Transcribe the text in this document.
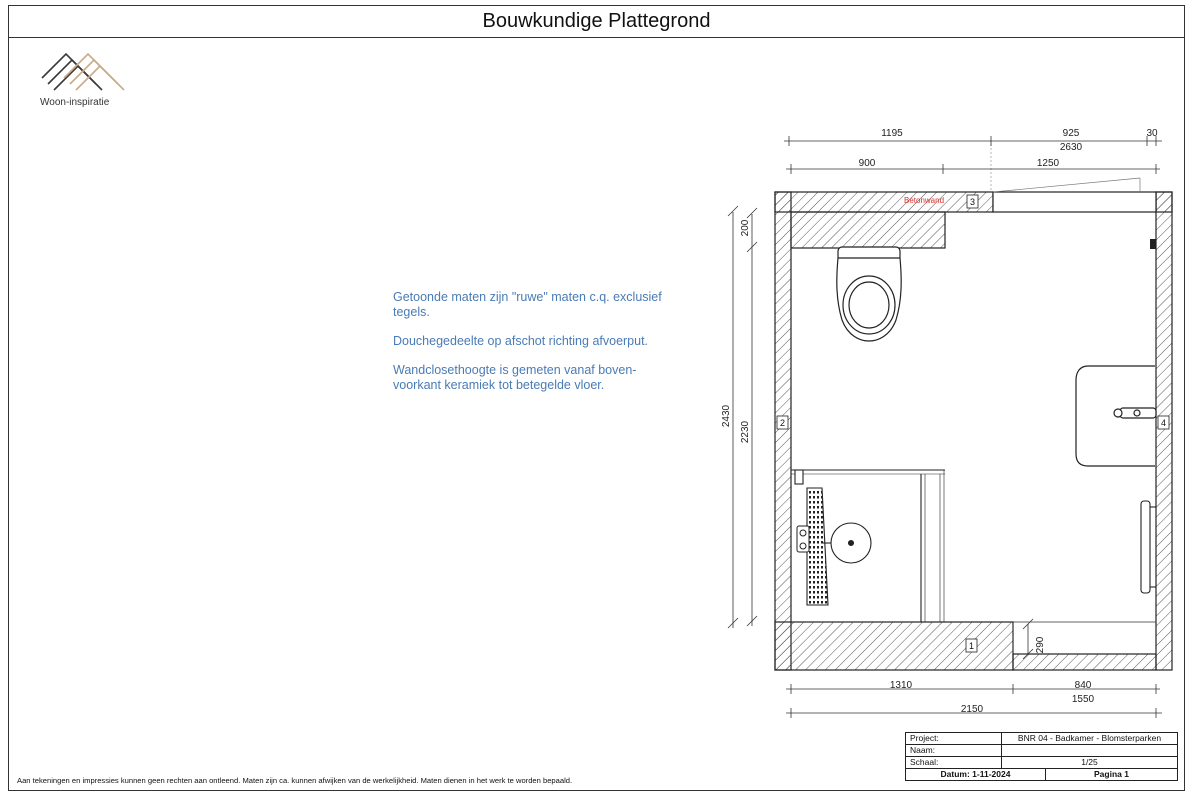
Bouwkundige Plattegrond
Woon-inspiratie

Getoonde maten zijn "ruwe" maten c.q. exclusief tegels.

Douchegedeelte op afschot richting afvoerput.

Wandclosethoogte is gemeten vanaf boven-voorkant keramiek tot betegelde vloer.

Betonwand	3
2	4
1
1195	925	30
2630
900	1250
1310	840
1550
2150
2430
2230
200
290
Aan tekeningen en impressies kunnen geen rechten aan ontleend. Maten zijn ca. kunnen afwijken van de werkelijkheid. Maten dienen in het werk te worden bepaald.
Project:	BNR 04 - Badkamer - Blomsterparken	
Naam:		
Schaal:	1/25	
Datum: 1-11-2024		Pagina 1
